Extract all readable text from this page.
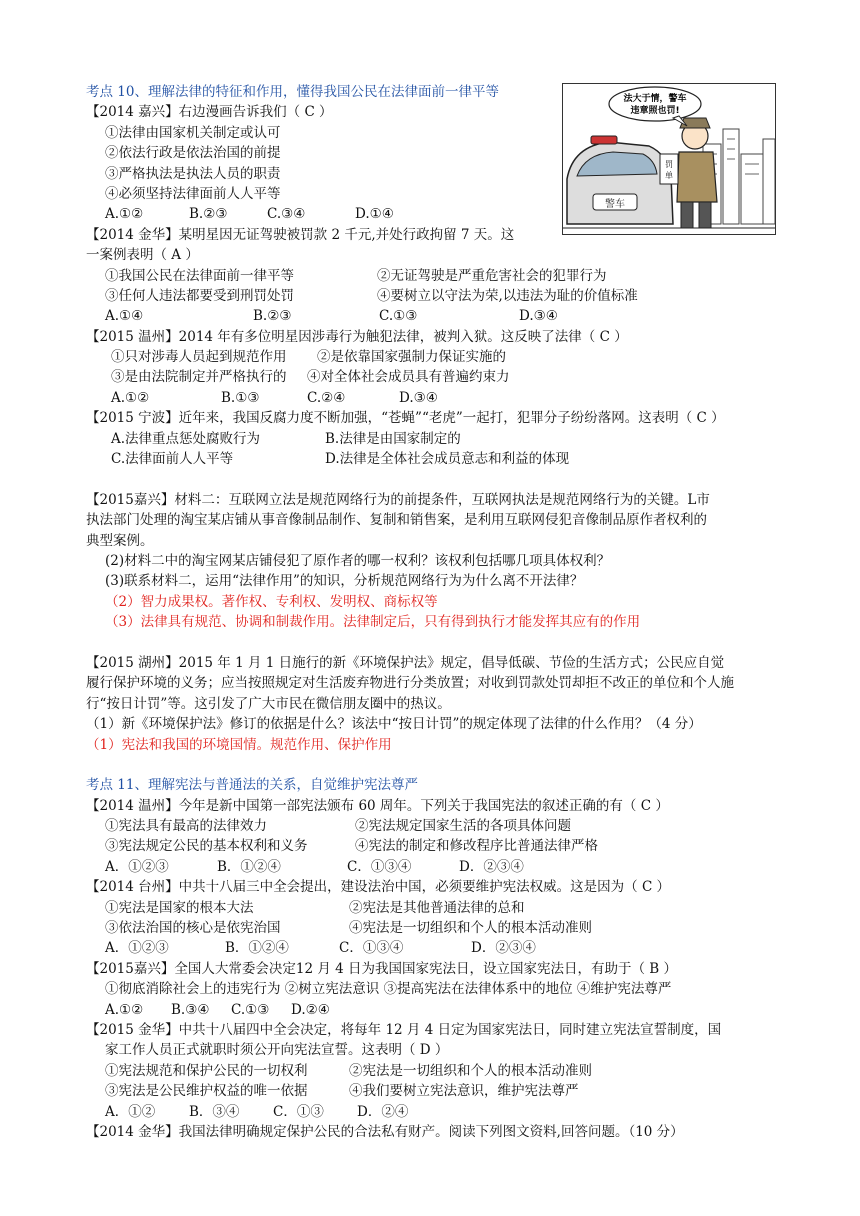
警车
罚
单
法大于情，警车
违章照也罚!
考点 10、理解法律的特征和作用，懂得我国公民在法律面前一律平等
【2014 嘉兴】右边漫画告诉我们（ C ）
①法律由国家机关制定或认可
②依法行政是依法治国的前提
③严格执法是执法人员的职责
④必须坚持法律面前人人平等
A.①②	B.②③	C.③④	D.①④
【2014 金华】某明星因无证驾驶被罚款 2 千元,并处行政拘留 7 天。这
一案例表明（ A ）
①我国公民在法律面前一律平等	②无证驾驶是严重危害社会的犯罪行为
③任何人违法都要受到刑罚处罚	④要树立以守法为荣,以违法为耻的价值标准
A.①④	B.②③	C.①③	D.③④
【2015 温州】2014 年有多位明星因涉毒行为触犯法律，被判入狱。这反映了法律（ C ）
①只对涉毒人员起到规范作用	②是依靠国家强制力保证实施的
③是由法院制定并严格执行的	④对全体社会成员具有普遍约束力
A.①②	B.①③	C.②④	D.③④
【2015 宁波】近年来，我国反腐力度不断加强，“苍蝇”“老虎”一起打，犯罪分子纷纷落网。这表明（ C ）
A.法律重点惩处腐败行为	B.法律是由国家制定的
C.法律面前人人平等	D.法律是全体社会成员意志和利益的体现
【2015嘉兴】材料二：互联网立法是规范网络行为的前提条件，互联网执法是规范网络行为的关键。L市
执法部门处理的淘宝某店铺从事音像制品制作、复制和销售案，是利用互联网侵犯音像制品原作者权利的
典型案例。
(2)材料二中的淘宝网某店铺侵犯了原作者的哪一权利？该权利包括哪几项具体权利？
(3)联系材料二，运用“法律作用”的知识，分析规范网络行为为什么离不开法律？
（2）智力成果权。著作权、专利权、发明权、商标权等
（3）法律具有规范、协调和制裁作用。法律制定后，只有得到执行才能发挥其应有的作用
【2015 湖州】2015 年 1 月 1 日施行的新《环境保护法》规定，倡导低碳、节俭的生活方式；公民应自觉
履行保护环境的义务；应当按照规定对生活废弃物进行分类放置；对收到罚款处罚却拒不改正的单位和个人施
行“按日计罚”等。这引发了广大市民在微信朋友圈中的热议。
（1）新《环境保护法》修订的依据是什么？该法中“按日计罚”的规定体现了法律的什么作用？（4 分）
（1）宪法和我国的环境国情。规范作用、保护作用
考点 11、理解宪法与普通法的关系，自觉维护宪法尊严
【2014 温州】今年是新中国第一部宪法颁布 60 周年。下列关于我国宪法的叙述正确的有（ C ）
①宪法具有最高的法律效力	②宪法规定国家生活的各项具体问题
③宪法规定公民的基本权利和义务	④宪法的制定和修改程序比普通法律严格
A．①②③	B．①②④	C．①③④	D．②③④
【2014 台州】中共十八届三中全会提出，建设法治中国，必须要维护宪法权威。这是因为（ C ）
①宪法是国家的根本大法	②宪法是其他普通法律的总和
③依法治国的核心是依宪治国	④宪法是一切组织和个人的根本活动准则
A．①②③	B．①②④	C．①③④	D．②③④
【2015嘉兴】全国人大常委会决定12 月 4 日为我国国家宪法日，设立国家宪法日，有助于（ B ）
①彻底消除社会上的违宪行为 ②树立宪法意识 ③提高宪法在法律体系中的地位 ④维护宪法尊严
A.①②	B.③④	C.①③	D.②④
【2015 金华】中共十八届四中全会决定，将每年 12 月 4 日定为国家宪法日，同时建立宪法宣誓制度，国
家工作人员正式就职时须公开向宪法宣誓。这表明（ D ）
①宪法规范和保护公民的一切权利	②宪法是一切组织和个人的根本活动准则
③宪法是公民维护权益的唯一依据	④我们要树立宪法意识，维护宪法尊严
A．①②	B．③④	C．①③	D．②④
【2014 金华】我国法律明确规定保护公民的合法私有财产。阅读下列图文资料,回答问题。（10 分）
